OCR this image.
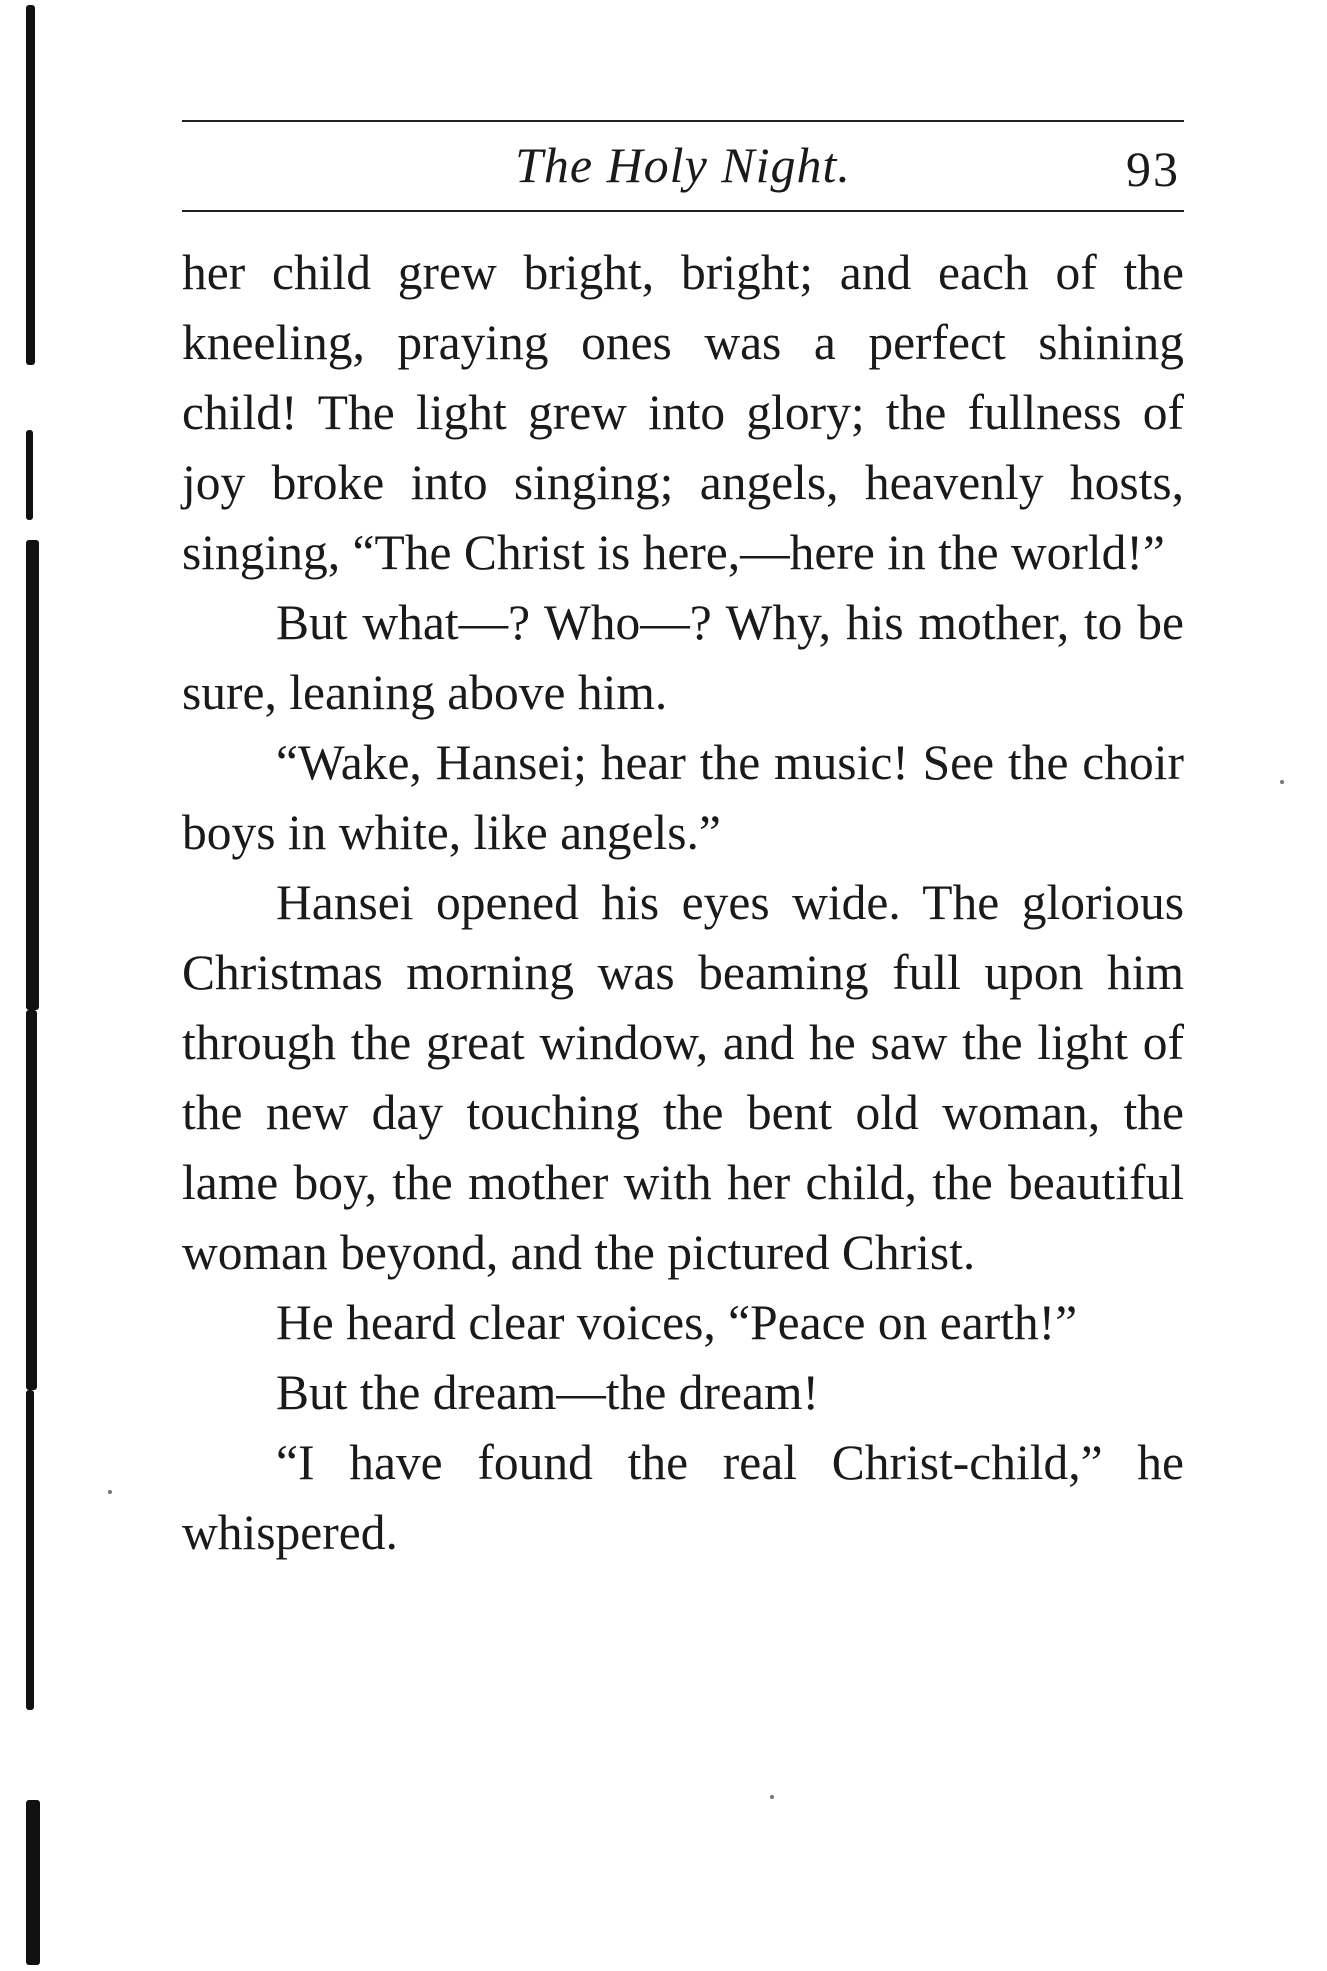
The Holy Night.	93

her child grew bright, bright; and each of the kneeling, praying ones was a perfect shining child! The light grew into glory; the fullness of joy broke into singing; angels, heavenly hosts, singing, “The Christ is here,—here in the world!”

But what—? Who—? Why, his mother, to be sure, leaning above him.

“Wake, Hansei; hear the music! See the choir boys in white, like angels.”

Hansei opened his eyes wide. The glorious Christmas morning was beaming full upon him through the great window, and he saw the light of the new day touching the bent old woman, the lame boy, the mother with her child, the beautiful woman beyond, and the pictured Christ.

He heard clear voices, “Peace on earth!”

But the dream—the dream!

“I have found the real Christ-child,” he whispered.
